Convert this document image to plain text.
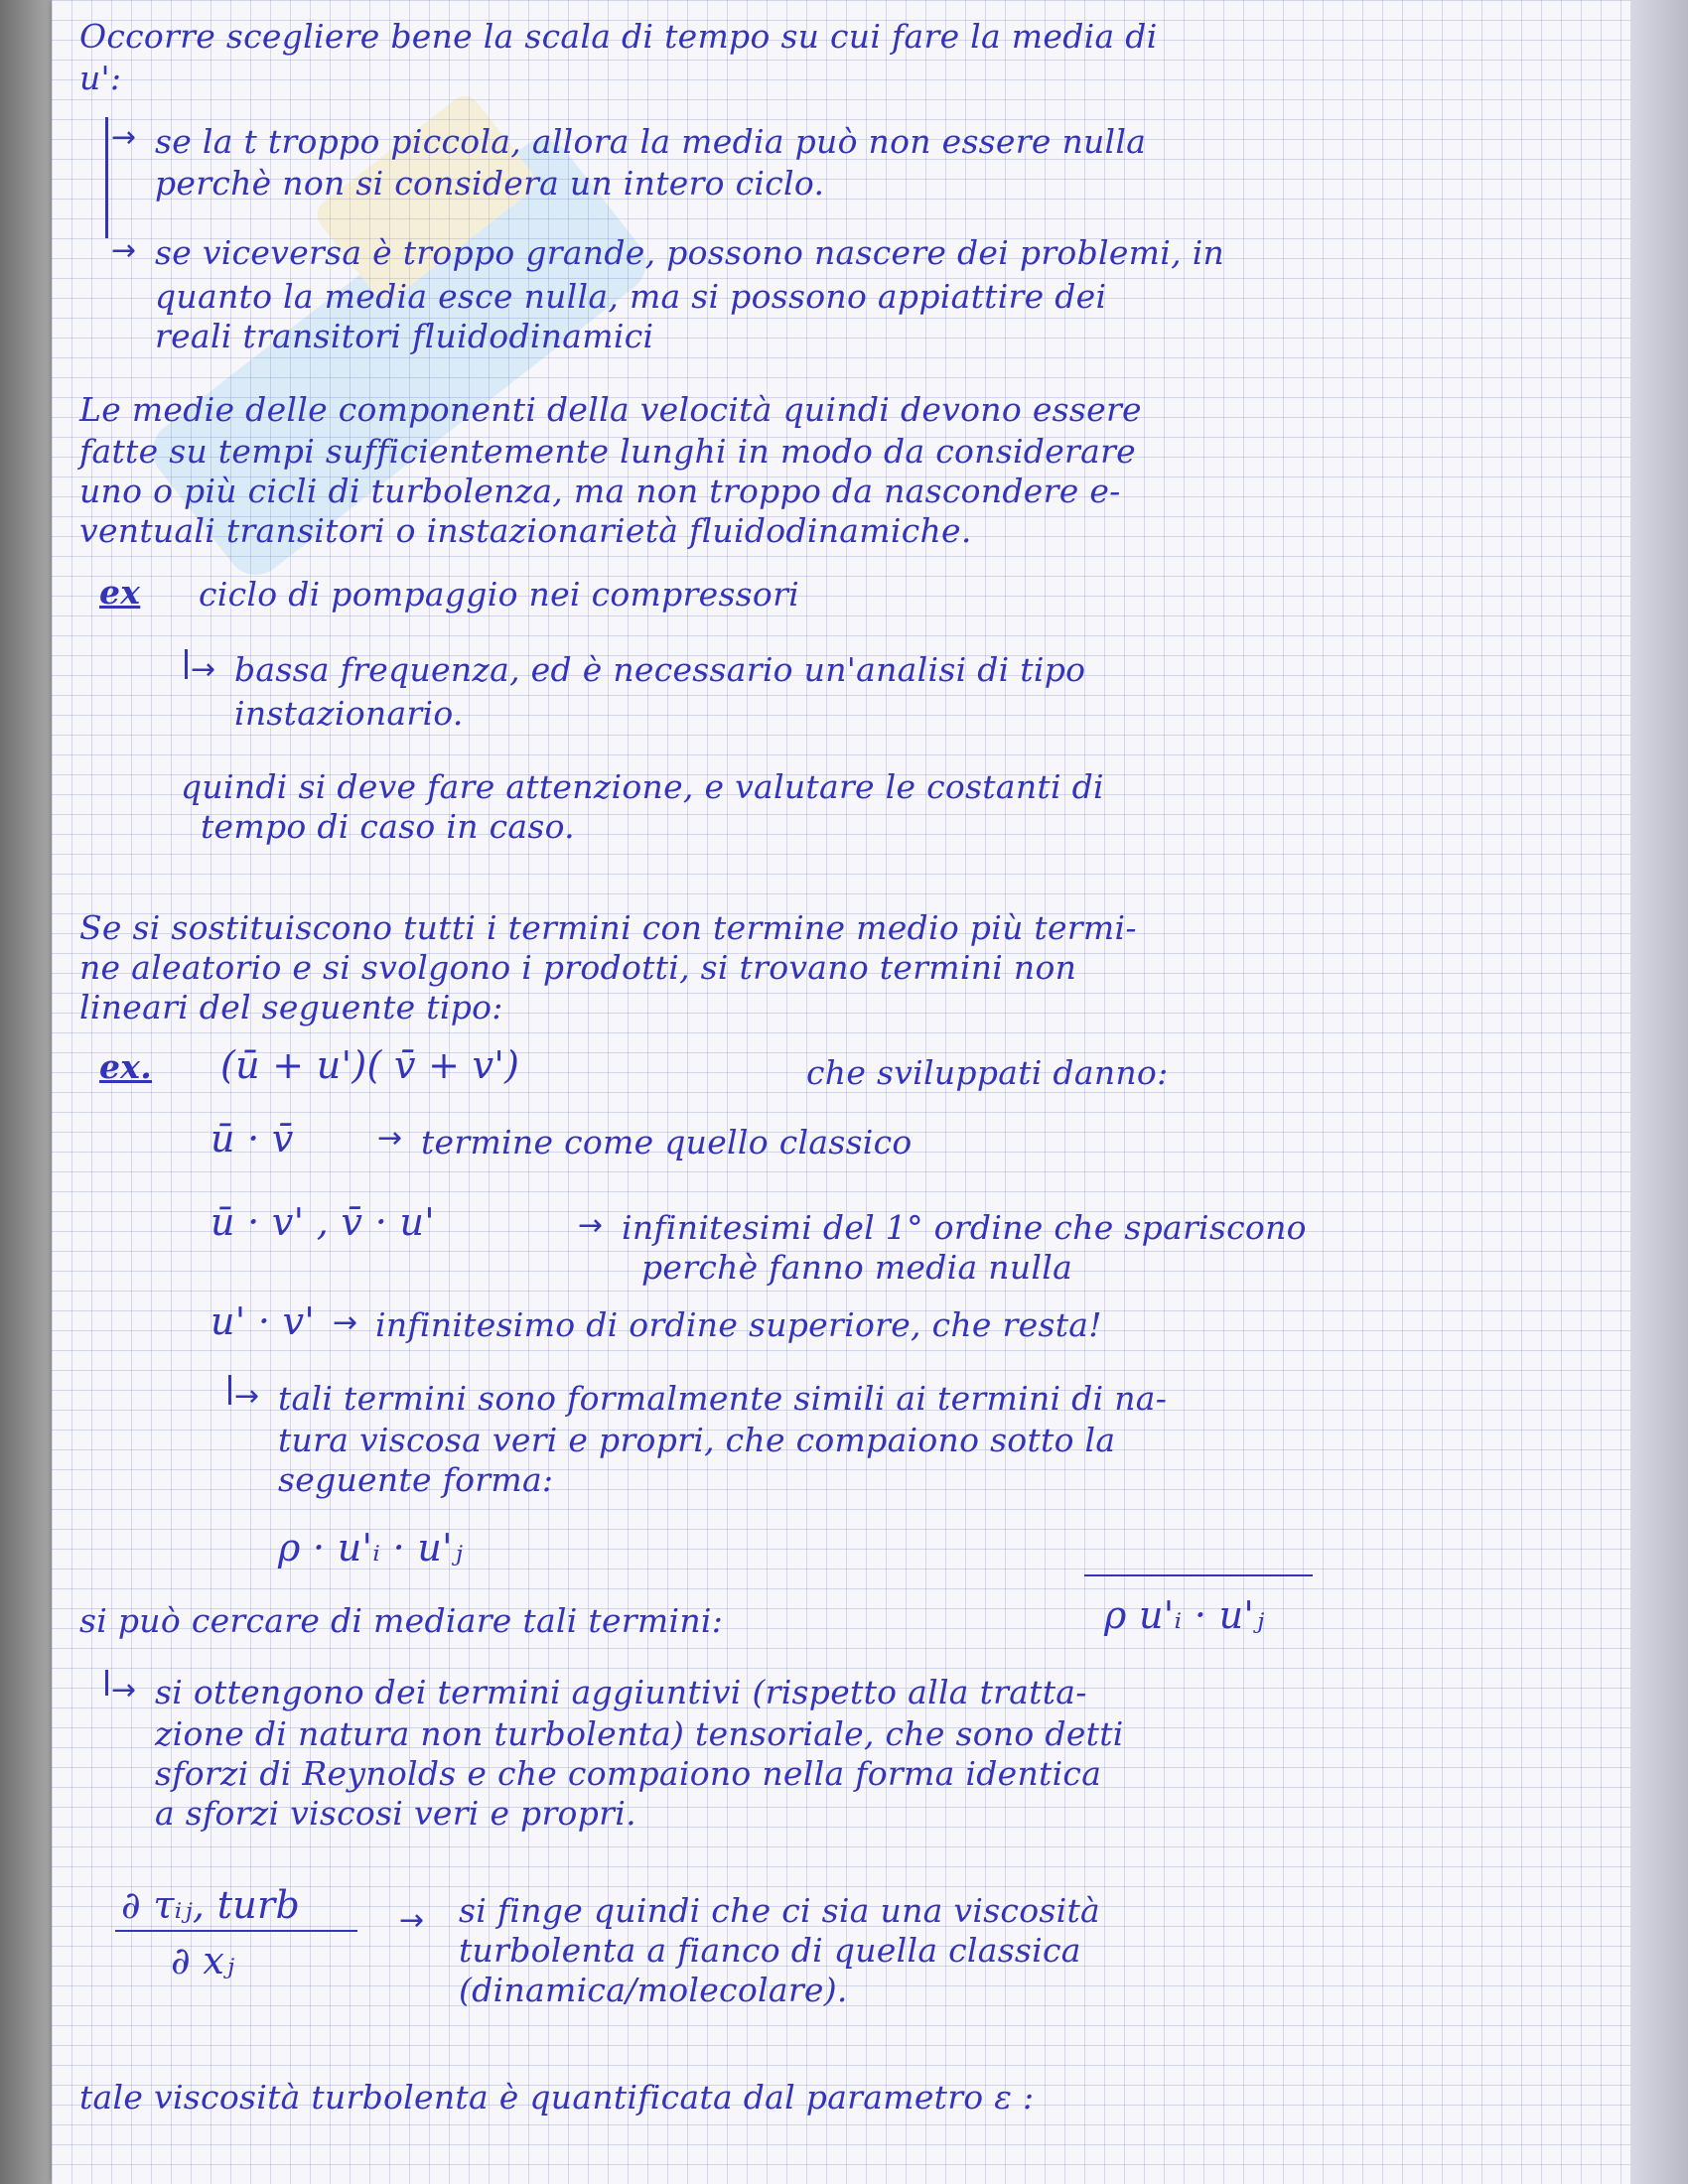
→
→
→
→
→
→
→
→
→
Occorre scegliere bene la scala di tempo su cui fare la media di
u':
se la t troppo piccola, allora la media può non essere nulla
perchè non si considera un intero ciclo.
se viceversa è troppo grande, possono nascere dei problemi, in
quanto la media esce nulla, ma si possono appiattire dei
reali transitori fluidodinamici
Le medie delle componenti della velocità quindi devono essere
fatte su tempi sufficientemente lunghi in modo da considerare
uno o più cicli di turbolenza, ma non troppo da nascondere e-
ventuali transitori o instazionarietà fluidodinamiche.
ex ciclo di pompaggio nei compressori
bassa frequenza, ed è necessario un'analisi di tipo
instazionario.
quindi si deve fare attenzione, e valutare le costanti di
tempo di caso in caso.
Se si sostituiscono tutti i termini con termine medio più termi-
ne aleatorio e si svolgono i prodotti, si trovano termini non
lineari del seguente tipo:
ex. (ū + u')( v̄ + v')	che sviluppati danno:
ū · v̄	termine come quello classico
ū · v' , v̄ · u'	infinitesimi del 1° ordine che spariscono
perchè fanno media nulla
u' · v' infinitesimo di ordine superiore, che resta!
tali termini sono formalmente simili ai termini di na-
tura viscosa veri e propri, che compaiono sotto la
seguente forma:
ρ · u'ᵢ · u'ⱼ
si può cercare di mediare tali termini:	ρ u'ᵢ · u'ⱼ
si ottengono dei termini aggiuntivi (rispetto alla tratta-
zione di natura non turbolenta) tensoriale, che sono detti
sforzi di Reynolds e che compaiono nella forma identica
a sforzi viscosi veri e propri.
∂ τᵢⱼ, turb
∂ xⱼ
si finge quindi che ci sia una viscosità
turbolenta a fianco di quella classica
(dinamica/molecolare).
tale viscosità turbolenta è quantificata dal parametro ε :
